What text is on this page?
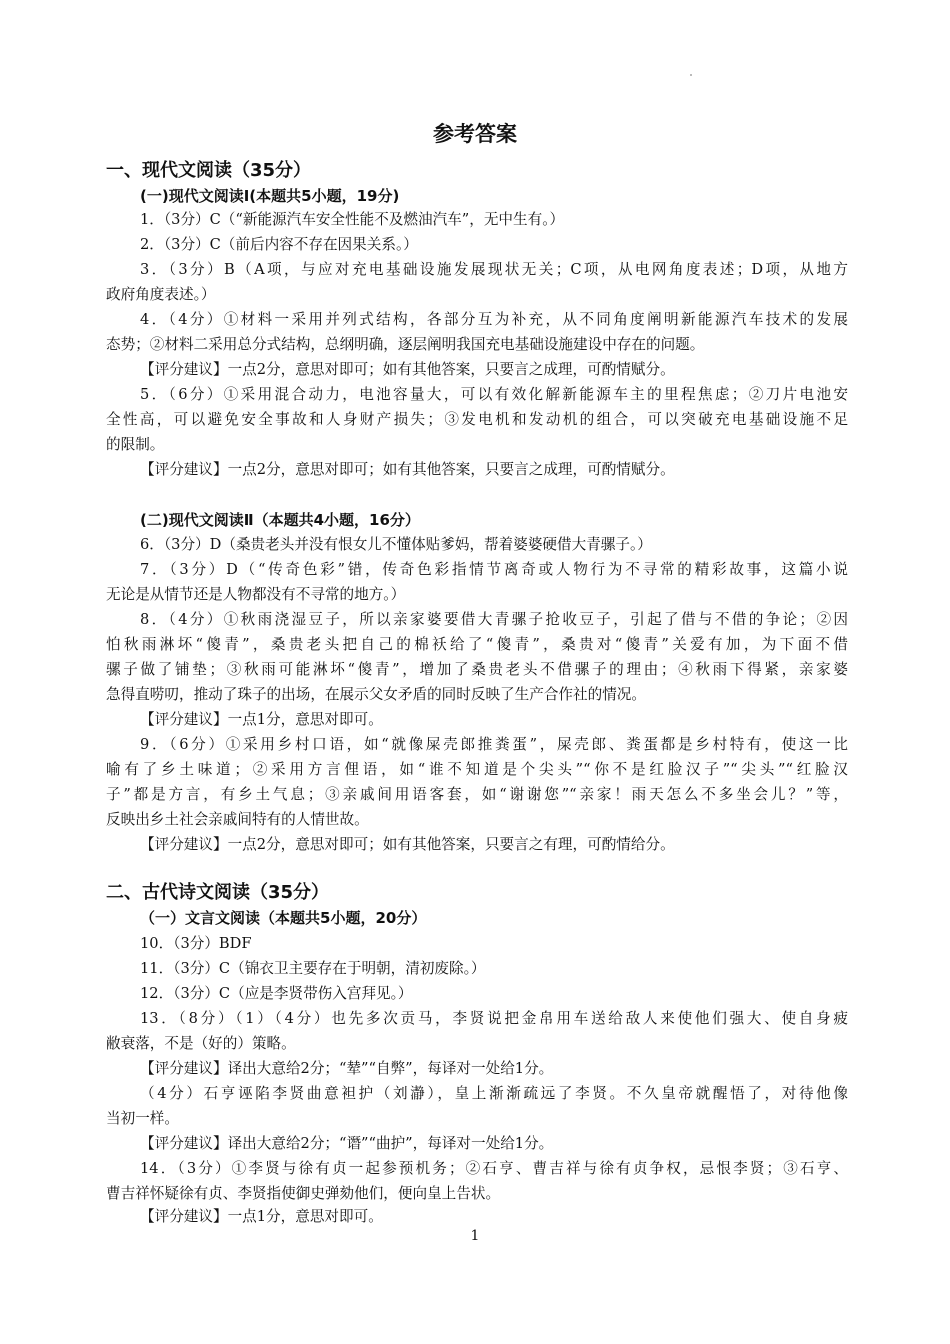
参考答案
一、现代文阅读（35分）
(一)现代文阅读Ⅰ(本题共5小题，19分)
1．（3分）C（“新能源汽车安全性能不及燃油汽车”，无中生有。）
2．（3分）C（前后内容不存在因果关系。）
3．（3分）B（A项，与应对充电基础设施发展现状无关；C项，从电网角度表述；D项，从地方
政府角度表述。）
4．（4分）①材料一采用并列式结构，各部分互为补充，从不同角度阐明新能源汽车技术的发展
态势；②材料二采用总分式结构，总纲明确，逐层阐明我国充电基础设施建设中存在的问题。
【评分建议】一点2分，意思对即可；如有其他答案，只要言之成理，可酌情赋分。
5．（6分）①采用混合动力，电池容量大，可以有效化解新能源车主的里程焦虑；②刀片电池安
全性高，可以避免安全事故和人身财产损失；③发电机和发动机的组合，可以突破充电基础设施不足
的限制。
【评分建议】一点2分，意思对即可；如有其他答案，只要言之成理，可酌情赋分。
(二)现代文阅读Ⅱ（本题共4小题，16分）
6．（3分）D（桑贵老头并没有恨女儿不懂体贴爹妈，帮着婆婆硬借大青骡子。）
7．（3分）D（“传奇色彩”错，传奇色彩指情节离奇或人物行为不寻常的精彩故事，这篇小说
无论是从情节还是人物都没有不寻常的地方。）
8．（4分）①秋雨浇湿豆子，所以亲家婆要借大青骡子抢收豆子，引起了借与不借的争论；②因
怕秋雨淋坏“傻青”，桑贵老头把自己的棉袄给了“傻青”，桑贵对“傻青”关爱有加，为下面不借
骡子做了铺垫；③秋雨可能淋坏“傻青”，增加了桑贵老头不借骡子的理由；④秋雨下得紧，亲家婆
急得直唠叨，推动了珠子的出场，在展示父女矛盾的同时反映了生产合作社的情况。
【评分建议】一点1分，意思对即可。
9．（6分）①采用乡村口语，如“就像屎壳郎推粪蛋”，屎壳郎、粪蛋都是乡村特有，使这一比
喻有了乡土味道；②采用方言俚语，如“谁不知道是个尖头”“你不是红脸汉子”“尖头”“红脸汉
子”都是方言，有乡土气息；③亲戚间用语客套，如“谢谢您”“亲家！雨天怎么不多坐会儿？”等，
反映出乡土社会亲戚间特有的人情世故。
【评分建议】一点2分，意思对即可；如有其他答案，只要言之有理，可酌情给分。
二、古代诗文阅读（35分）
（一）文言文阅读（本题共5小题，20分）
10．（3分）BDF
11．（3分）C（锦衣卫主要存在于明朝，清初废除。）
12．（3分）C（应是李贤带伤入宫拜见。）
13．（8分）（1）（4分）也先多次贡马，李贤说把金帛用车送给敌人来使他们强大、使自身疲
敝衰落，不是（好的）策略。
【评分建议】译出大意给2分；“辇”“自弊”，每译对一处给1分。
（4分）石亨诬陷李贤曲意袒护（刘瀞），皇上渐渐疏远了李贤。不久皇帝就醒悟了，对待他像
当初一样。
【评分建议】译出大意给2分；“谮”“曲护”，每译对一处给1分。
14．（3分）①李贤与徐有贞一起参预机务；②石亨、曹吉祥与徐有贞争权，忌恨李贤；③石亨、
曹吉祥怀疑徐有贞、李贤指使御史弹劾他们，便向皇上告状。
【评分建议】一点1分，意思对即可。
1
